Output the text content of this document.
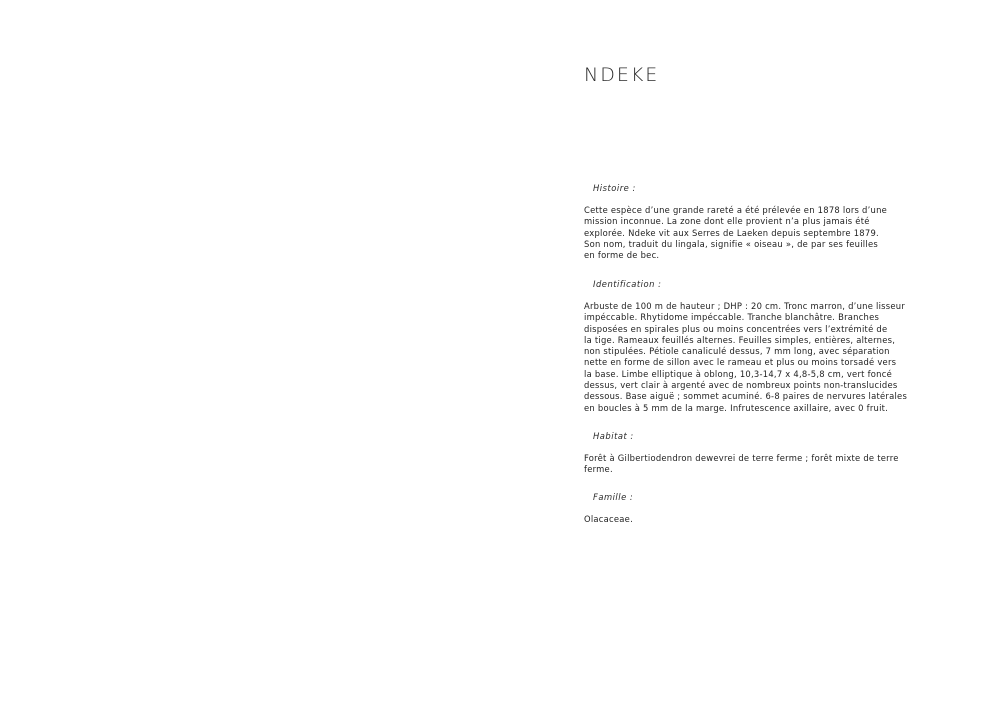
NDEKE

Histoire :

Cette espèce d’une grande rareté a été prélevée en 1878 lors d’une
mission inconnue. La zone dont elle provient n’a plus jamais été
explorée. Ndeke vit aux Serres de Laeken depuis septembre 1879.
Son nom, traduit du lingala, signifie « oiseau », de par ses feuilles
en forme de bec.

Identification :

Arbuste de 100 m de hauteur ; DHP : 20 cm. Tronc marron, d’une lisseur
impéccable. Rhytidome impéccable. Tranche blanchâtre. Branches
disposées en spirales plus ou moins concentrées vers l’extrémité de
la tige. Rameaux feuillés alternes. Feuilles simples, entières, alternes,
non stipulées. Pétiole canaliculé dessus, 7 mm long, avec séparation
nette en forme de sillon avec le rameau et plus ou moins torsadé vers
la base. Limbe elliptique à oblong, 10,3-14,7 x 4,8-5,8 cm, vert foncé
dessus, vert clair à argenté avec de nombreux points non-translucides
dessous. Base aiguë ; sommet acuminé. 6-8 paires de nervures latérales
en boucles à 5 mm de la marge. Infrutescence axillaire, avec 0 fruit.

Habitat :

Forêt à Gilbertiodendron dewevrei de terre ferme ; forêt mixte de terre
ferme.

Famille :

Olacaceae.
